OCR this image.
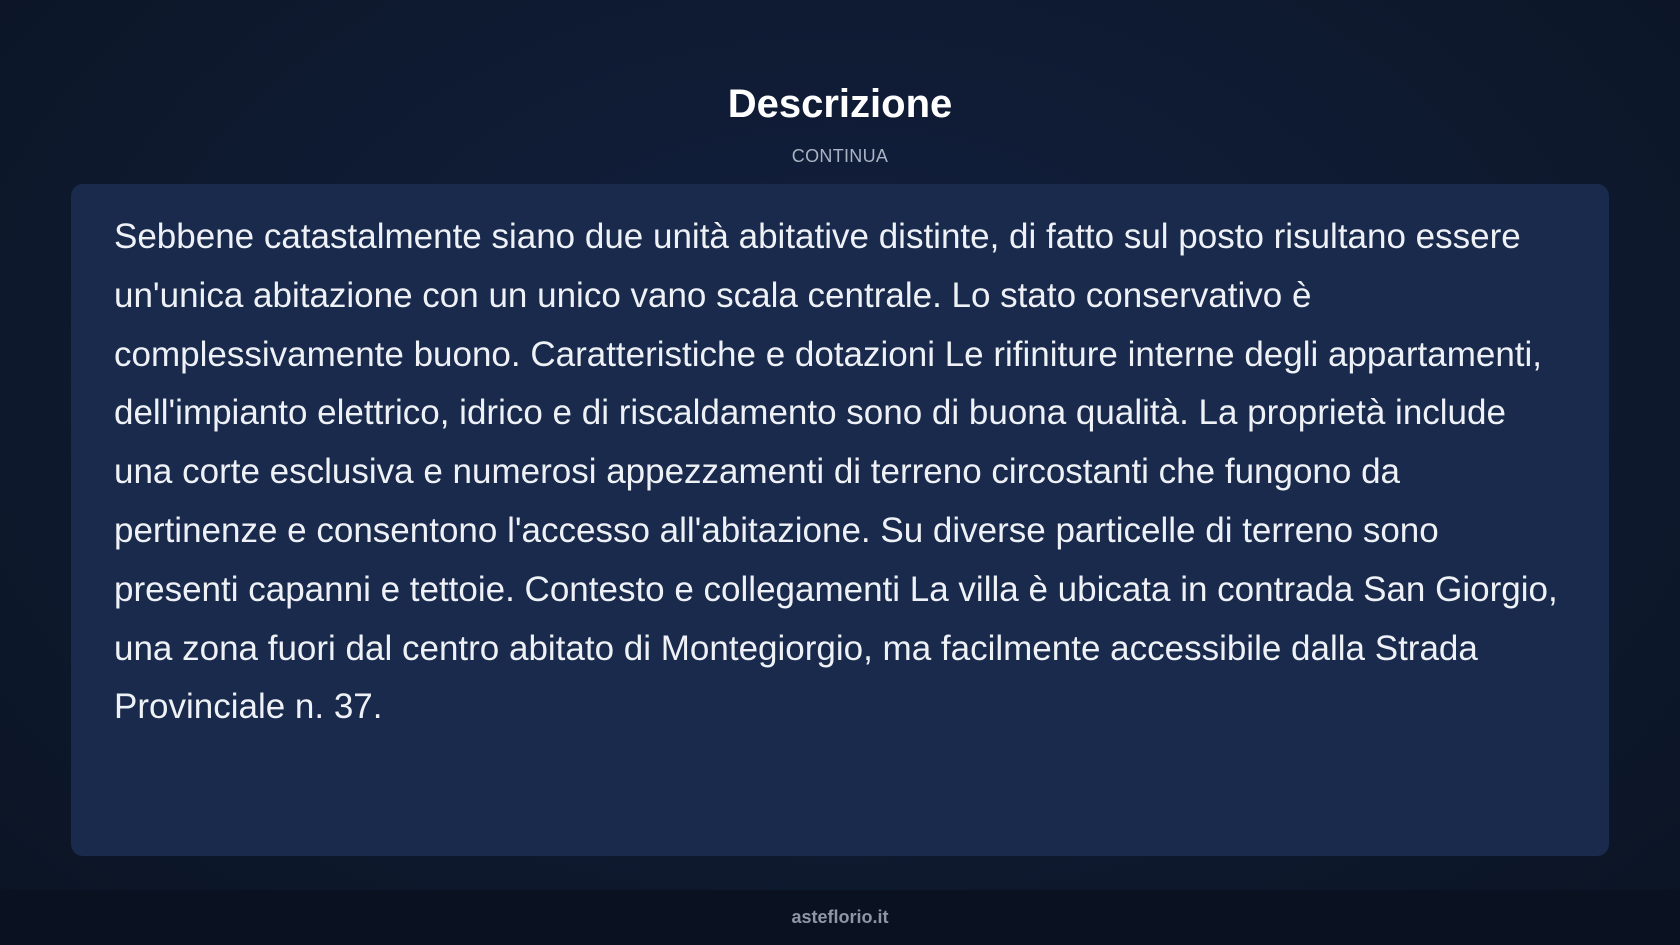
Descrizione
CONTINUA

Sebbene catastalmente siano due unità abitative distinte, di fatto sul posto risultano essere un'unica abitazione con un unico vano scala centrale. Lo stato conservativo è complessivamente buono. Caratteristiche e dotazioni Le rifiniture interne degli appartamenti, dell'impianto elettrico, idrico e di riscaldamento sono di buona qualità. La proprietà include una corte esclusiva e numerosi appezzamenti di terreno circostanti che fungono da pertinenze e consentono l'accesso all'abitazione. Su diverse particelle di terreno sono presenti capanni e tettoie. Contesto e collegamenti La villa è ubicata in contrada San Giorgio, una zona fuori dal centro abitato di Montegiorgio, ma facilmente accessibile dalla Strada Provinciale n. 37.

asteflorio.it
